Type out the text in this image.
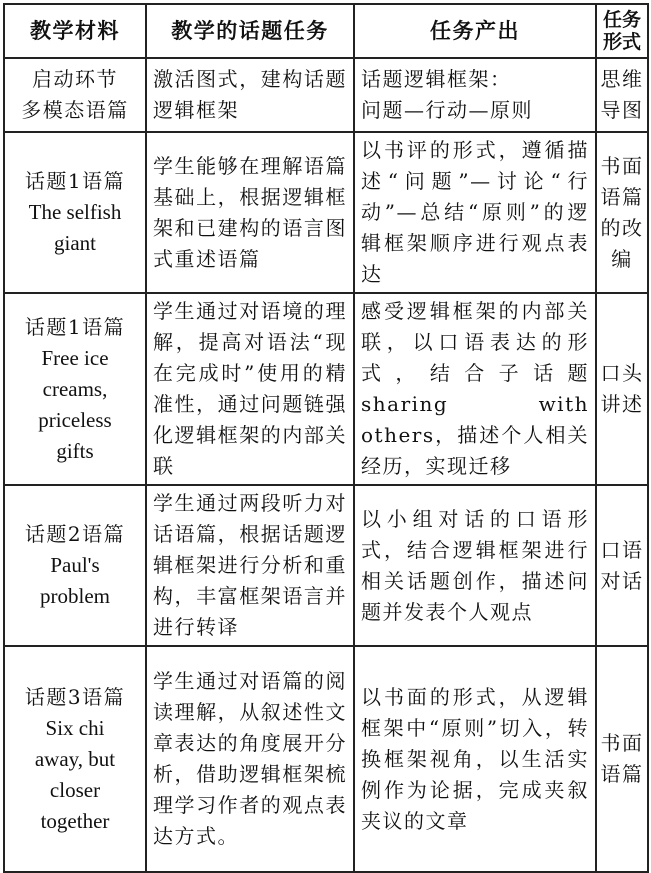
教学材料	教学的话题任务	任务产出	任务
形式

启动环节
多模态语篇	激活图式，建构话题逻辑框架	话题逻辑框架：
问题—行动—原则	思维导图

话题1语篇
The selfish
giant	学生能够在理解语篇基础上，根据逻辑框架和已建构的语言图式重述语篇	以书评的形式，遵循描述“问题”—讨论“行动”—总结“原则”的逻辑框架顺序进行观点表达	书面语篇的改编

话题1语篇
Free ice
creams,
priceless
gifts	学生通过对语境的理解，提高对语法“现在完成时”使用的精准性，通过问题链强化逻辑框架的内部关联	感受逻辑框架的内部关联，以口语表达的形式，结合子话题sharing with others，描述个人相关经历，实现迁移	口头讲述

话题2语篇
Paul's
problem	学生通过两段听力对话语篇，根据话题逻辑框架进行分析和重构，丰富框架语言并进行转译	以小组对话的口语形式，结合逻辑框架进行相关话题创作，描述问题并发表个人观点	口语对话

话题3语篇
Six chi
away, but
closer
together	学生通过对语篇的阅读理解，从叙述性文章表达的角度展开分析，借助逻辑框架梳理学习作者的观点表达方式。	以书面的形式，从逻辑框架中“原则”切入，转换框架视角，以生活实例作为论据，完成夹叙夹议的文章	书面语篇
